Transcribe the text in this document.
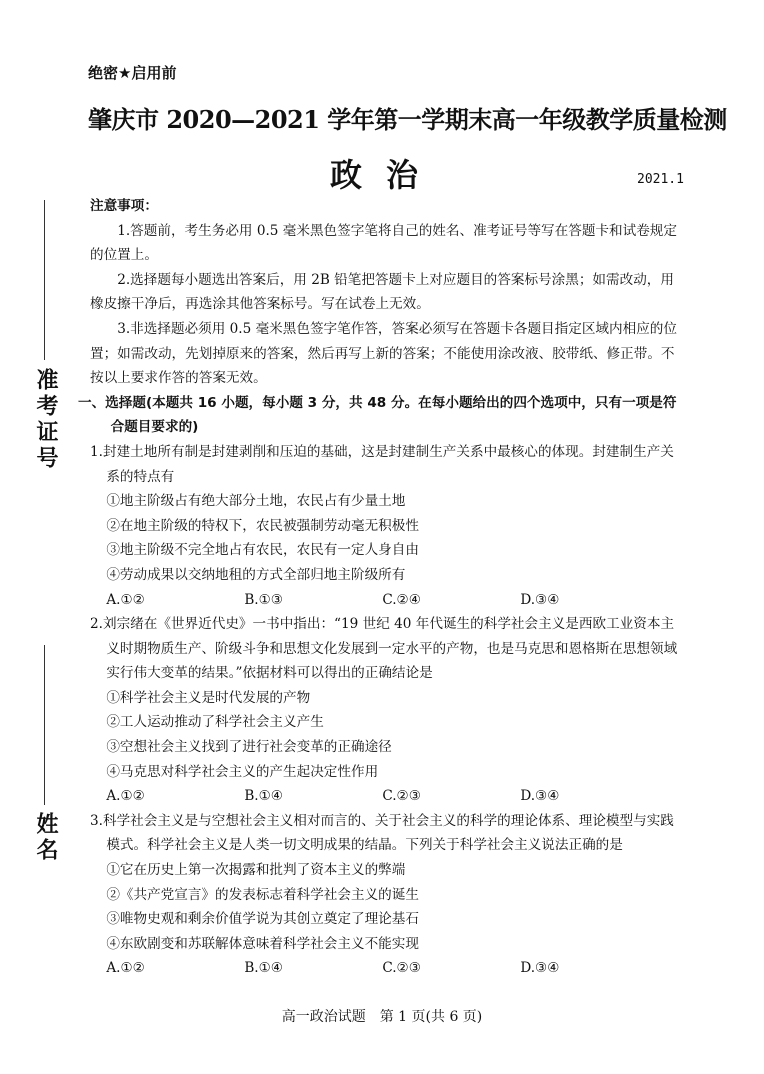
绝密★启用前
肇庆市 2020—2021 学年第一学期末高一年级教学质量检测
政治	2021.1
准考证号
姓名

注意事项：

1.答题前，考生务必用 0.5 毫米黑色签字笔将自己的姓名、准考证号等写在答题卡和试卷规定的位置上。

2.选择题每小题选出答案后，用 2B 铅笔把答题卡上对应题目的答案标号涂黑；如需改动，用橡皮擦干净后，再选涂其他答案标号。写在试卷上无效。

3.非选择题必须用 0.5 毫米黑色签字笔作答，答案必须写在答题卡各题目指定区域内相应的位置；如需改动，先划掉原来的答案，然后再写上新的答案；不能使用涂改液、胶带纸、修正带。不按以上要求作答的答案无效。

一、选择题(本题共 16 小题，每小题 3 分，共 48 分。在每小题给出的四个选项中，只有一项是符合题目要求的)

1.封建土地所有制是封建剥削和压迫的基础，这是封建制生产关系中最核心的体现。封建制生产关系的特点有

①地主阶级占有绝大部分土地，农民占有少量土地

②在地主阶级的特权下，农民被强制劳动毫无积极性

③地主阶级不完全地占有农民，农民有一定人身自由

④劳动成果以交纳地租的方式全部归地主阶级所有

A.①②	B.①③	C.②④	D.③④

2.刘宗绪在《世界近代史》一书中指出：“19 世纪 40 年代诞生的科学社会主义是西欧工业资本主义时期物质生产、阶级斗争和思想文化发展到一定水平的产物，也是马克思和恩格斯在思想领域实行伟大变革的结果。”依据材料可以得出的正确结论是

①科学社会主义是时代发展的产物

②工人运动推动了科学社会主义产生

③空想社会主义找到了进行社会变革的正确途径

④马克思对科学社会主义的产生起决定性作用

A.①②	B.①④	C.②③	D.③④

3.科学社会主义是与空想社会主义相对而言的、关于社会主义的科学的理论体系、理论模型与实践模式。科学社会主义是人类一切文明成果的结晶。下列关于科学社会主义说法正确的是

①它在历史上第一次揭露和批判了资本主义的弊端

②《共产党宣言》的发表标志着科学社会主义的诞生

③唯物史观和剩余价值学说为其创立奠定了理论基石

④东欧剧变和苏联解体意味着科学社会主义不能实现

A.①②	B.①④	C.②③	D.③④
高一政治试题　第 1 页(共 6 页)
